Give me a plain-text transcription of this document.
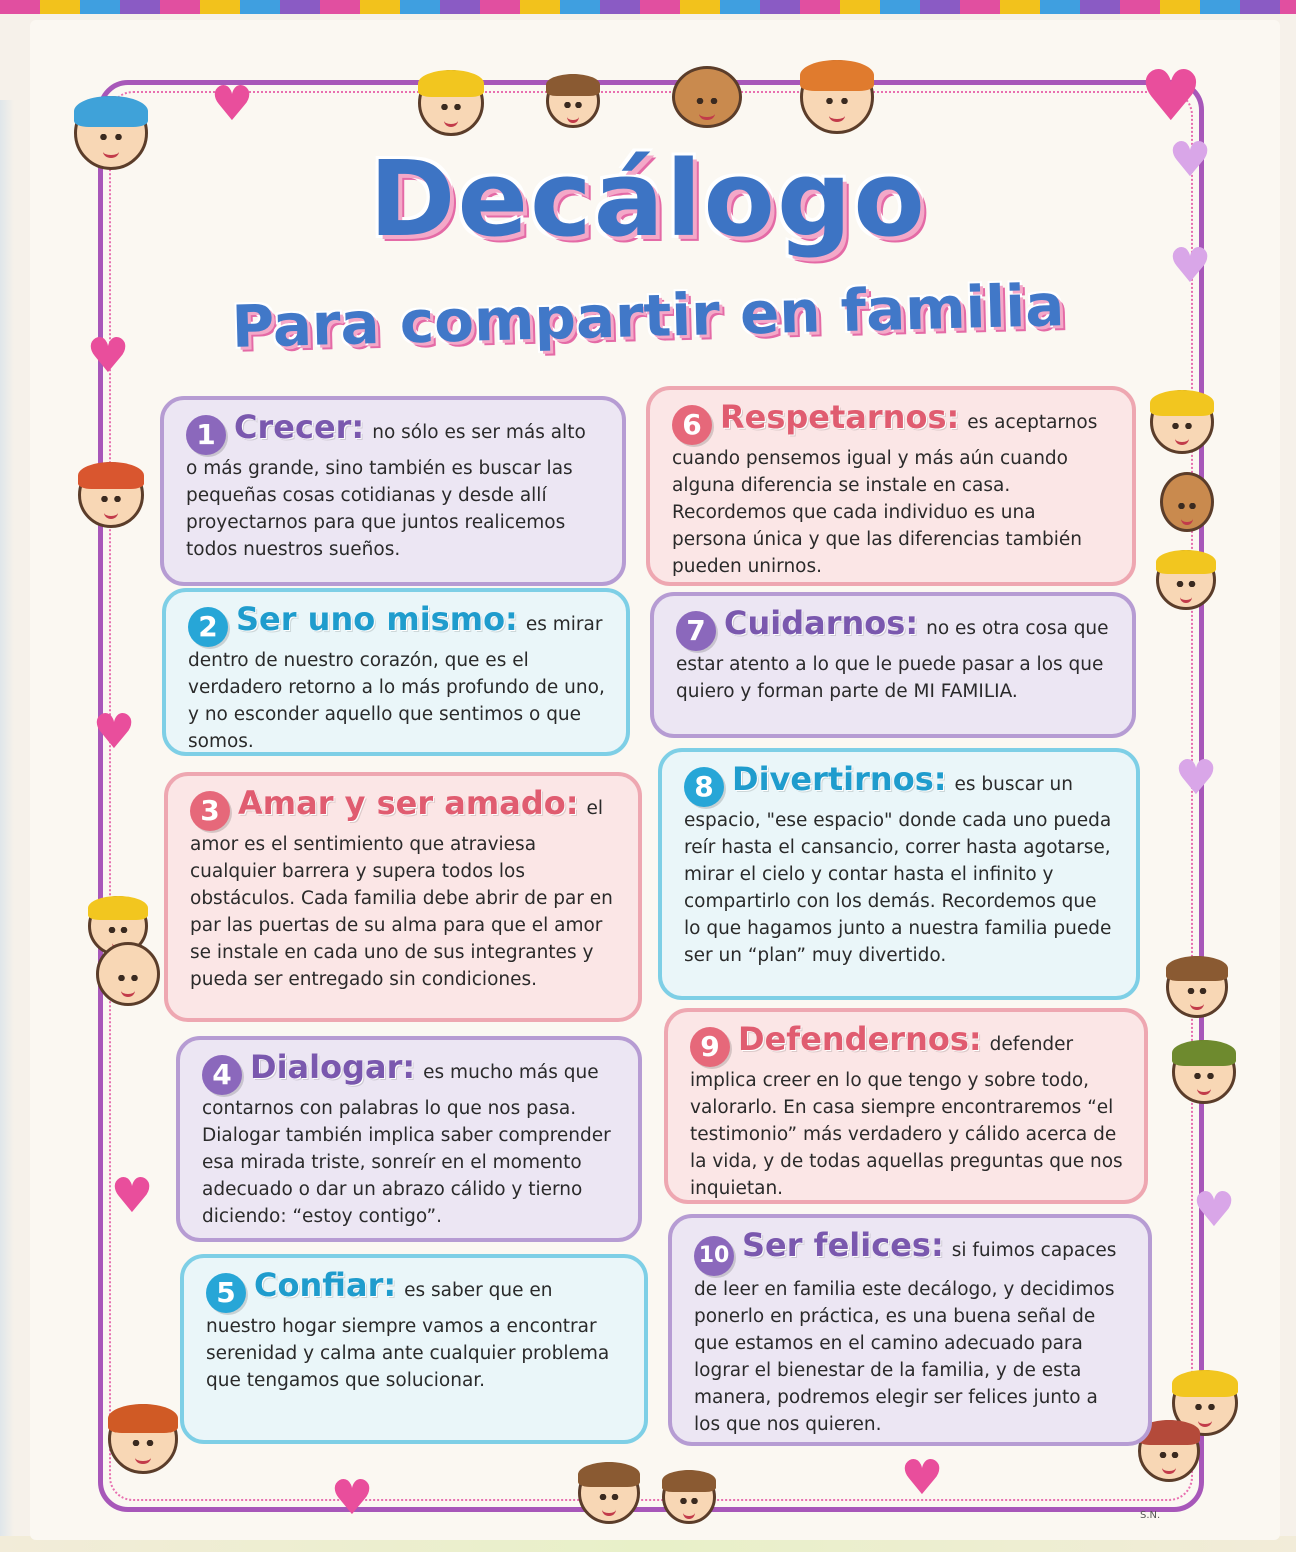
♥
♥
♥
♥
♥	♥
♥
♥
♥
♥
♥
Decálogo
Para compartir en familia
1 Crecer: no sólo es ser más alto o más grande, sino también es buscar las pequeñas cosas cotidianas y desde allí proyectarnos para que juntos realicemos todos nuestros sueños.
2 Ser uno mismo: es mirar dentro de nuestro corazón, que es el verdadero retorno a lo más profundo de uno, y no esconder aquello que sentimos o que somos.
3 Amar y ser amado: el amor es el sentimiento que atraviesa cualquier barrera y supera todos los obstáculos. Cada familia debe abrir de par en par las puertas de su alma para que el amor se instale en cada uno de sus integrantes y pueda ser entregado sin condiciones.
4 Dialogar: es mucho más que contarnos con palabras lo que nos pasa. Dialogar también implica saber comprender esa mirada triste, sonreír en el momento adecuado o dar un abrazo cálido y tierno diciendo: “estoy contigo”.
5 Confiar: es saber que en nuestro hogar siempre vamos a encontrar serenidad y calma ante cualquier problema que tengamos que solucionar.
6 Respetarnos: es aceptarnos cuando pensemos igual y más aún cuando alguna diferencia se instale en casa. Recordemos que cada individuo es una persona única y que las diferencias también pueden unirnos.
7 Cuidarnos: no es otra cosa que estar atento a lo que le puede pasar a los que quiero y forman parte de MI FAMILIA.
8 Divertirnos: es buscar un espacio, "ese espacio" donde cada uno pueda reír hasta el cansancio, correr hasta agotarse, mirar el cielo y contar hasta el infinito y compartirlo con los demás. Recordemos que lo que hagamos junto a nuestra familia puede ser un “plan” muy divertido.
9 Defendernos: defender implica creer en lo que tengo y sobre todo, valorarlo. En casa siempre encontraremos “el testimonio” más verdadero y cálido acerca de la vida, y de todas aquellas preguntas que nos inquietan.
10 Ser felices: si fuimos capaces de leer en familia este decálogo, y decidimos ponerlo en práctica, es una buena señal de que estamos en el camino adecuado para lograr el bienestar de la familia, y de esta manera, podremos elegir ser felices junto a los que nos quieren.
S.N.
